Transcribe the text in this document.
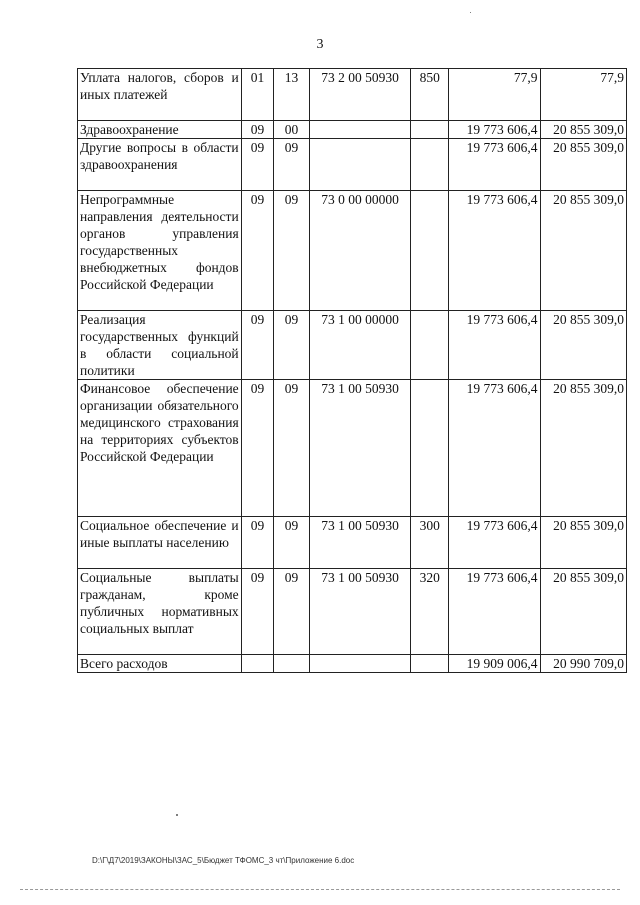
3
Уплата налогов, сборов и иных платежей	01	13	73 2 00 50930	850	77,9	77,9
Здравоохранение	09	00			19 773 606,4	20 855 309,0
Другие вопросы в области здравоохранения	09	09			19 773 606,4	20 855 309,0
Непрограммные направления деятельности органов управления государственных внебюджетных фондов Российской Федерации	09	09	73 0 00 00000		19 773 606,4	20 855 309,0
Реализация государственных функций в области социальной политики	09	09	73 1 00 00000		19 773 606,4	20 855 309,0
Финансовое обеспечение организации обязательного медицинского страхования на территориях субъектов Российской Федерации	09	09	73 1 00 50930		19 773 606,4	20 855 309,0
Социальное обеспечение и иные выплаты населению	09	09	73 1 00 50930	300	19 773 606,4	20 855 309,0
Социальные выплаты гражданам, кроме публичных нормативных социальных выплат	09	09	73 1 00 50930	320	19 773 606,4	20 855 309,0
Всего расходов					19 909 006,4	20 990 709,0
D:\Г\Д7\2019\ЗАКОНЫ\ЗАС_5\Бюджет ТФОМС_3 чт\Приложение 6.doc
